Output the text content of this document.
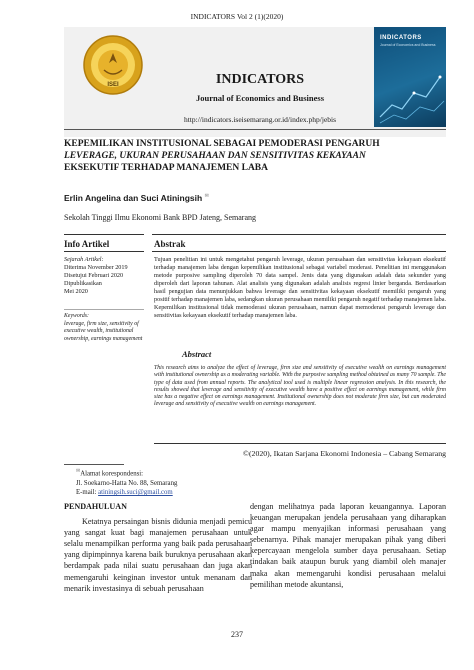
INDICATORS Vol 2 (1)(2020)
ISEI
INDICATORS
Journal of Economics and Business
INDICATORS
Journal of Economics and Business
http://indicators.iseisemarang.or.id/index.php/jebis
KEPEMILIKAN INSTITUSIONAL SEBAGAI PEMODERASI PENGARUH
LEVERAGE, UKURAN PERUSAHAAN DAN SENSITIVITAS KEKAYAAN
EKSEKUTIF TERHADAP MANAJEMEN LABA
Erlin Angelina dan Suci Atiningsih ✉
Sekolah Tinggi Ilmu Ekonomi Bank BPD Jateng, Semarang
Info Artikel	Abstrak
Sejarah Artikel:
Diterima November 2019
Disetujui Februari 2020
Dipublikasikan
Mei 2020
Keywords:
leverage, firm size, sensitivity of executive wealth, institutional ownership, earnings management
Tujuan penelitian ini untuk mengetahui pengaruh leverage, ukuran perusahaan dan sensitivitas kekayaan eksekutif terhadap manajemen laba dengan kepemilikan institusional sebagai variabel moderasi. Penelitian ini menggunakan metode purposive sampling diperoleh 70 data sampel. Jenis data yang digunakan adalah data sekunder yang diperoleh dari laporan tahunan. Alat analisis yang digunakan adalah analisis regresi linier berganda. Berdasarkan hasil pengujian data menunjukkan bahwa leverage dan sensitivitas kekayaan eksekutif memiliki pengaruh yang positif terhadap manajemen laba, sedangkan ukuran perusahaan memiliki pengaruh negatif terhadap manajemen laba. Kepemilikan institusional tidak memoderasi ukuran perusahaan, namun dapat memoderasi pengaruh leverage dan sensitivitas kekayaan eksekutif terhadap manajemen laba.
Abstract
This research aims to analyze the effect of leverage, firm size and sensitivity of executive wealth on earnings management with institutional ownership as a moderating variable. With the purposive sampling method obtained as many 70 sample. The type of data used from annual reports. The analytical tool used is multiple linear regression analysis. In this research, the results showed that leverage and sensitivity of executive wealth have a positive effect on earnings management, while firm size has a negative effect on earnings management. Institutional ownership does not moderate firm size, but can moderated leverage and sensitivity of executive wealth on earnings management.
©(2020), Ikatan Sarjana Ekonomi Indonesia – Cabang Semarang
✉Alamat korespondensi:
Jl. Soekarno-Hatta No. 88, Semarang
E-mail: atiningsih.suci@gmail.com
PENDAHULUAN

Ketatnya persaingan bisnis didunia menjadi pemicu yang sangat kuat bagi manajemen perusahaan untuk selalu menampilkan performa yang baik pada perusahaan yang dipimpinnya karena baik buruknya perusahaan akan berdampak pada nilai suatu perusahaan dan juga akan memengaruhi keinginan investor untuk menanam dan menarik investasinya di sebuah perusahaan

dengan melihatnya pada laporan keuangannya. Laporan keuangan merupakan jendela perusahaan yang diharapkan agar mampu menyajikan informasi perusahaan yang sebenarnya. Pihak manajer merupakan pihak yang diberi kepercayaan mengelola sumber daya perusahaan. Setiap tindakan baik ataupun buruk yang diambil oleh manajer maka akan memengaruhi kondisi perusahaan melalui pemilihan metode akuntansi,
237
